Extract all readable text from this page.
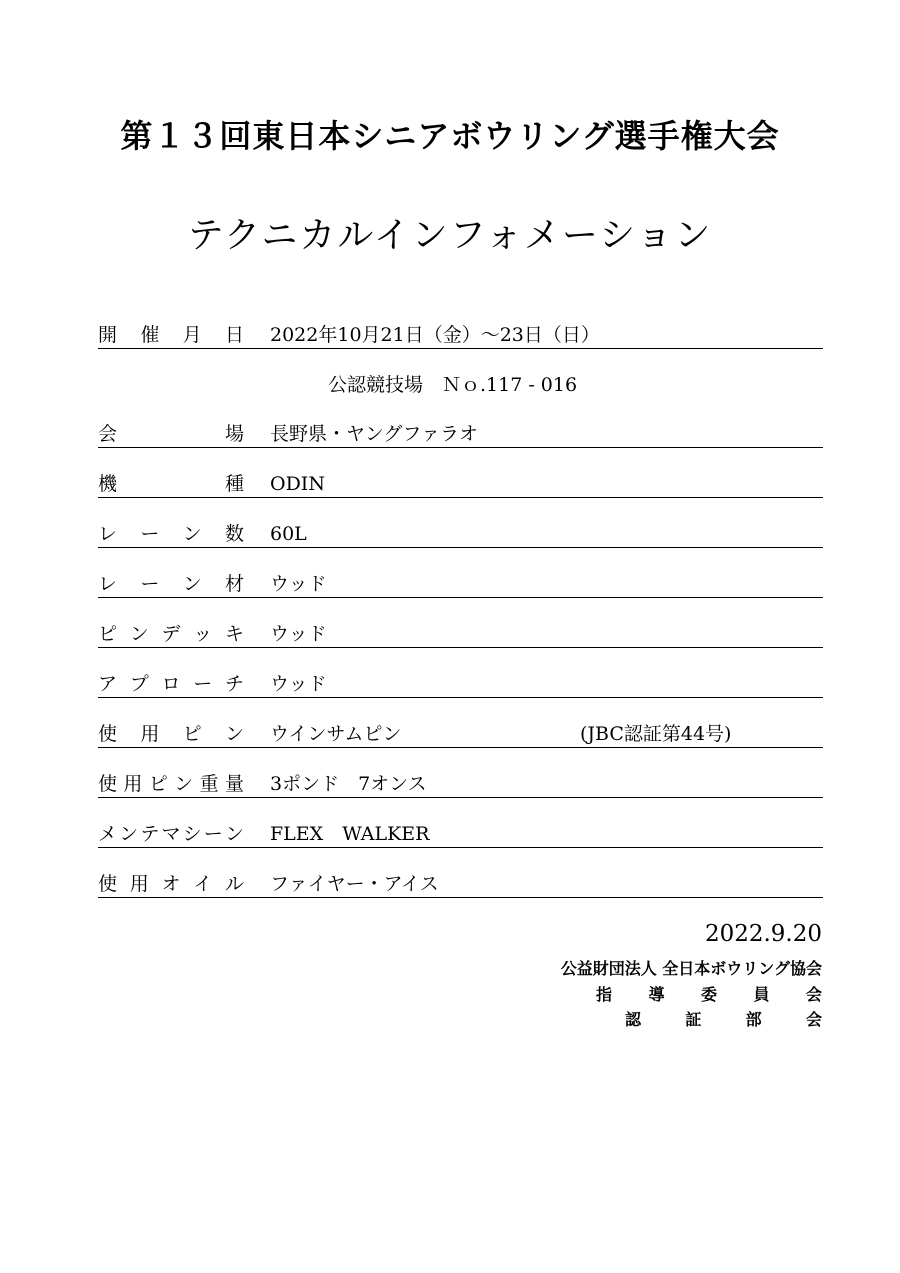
第１３回東日本シニアボウリング選手権大会
テクニカルインフォメーション
開 催 月 日 2022年10月21日（金）～23日（日）
会	場 長野県・ヤングファラオ
機	種 ODIN
レ ー ン 数 60L
レ ー ン 材 ウッド
ピ ン デ ッ キ ウッド
ア プ ロ ー チ ウッド
使 用 ピ ン ウインサムピン	(JBC認証第44号)
使 用 ピ ン 重 量 3ポンド　7オンス
メ ン テ マ シ ー ン FLEX　WALKER
使 用 オ イ ル ファイヤー・アイス
公認競技場　Ｎｏ.117 - 016
2022.9.20
公益財団法人 全日本ボウリング協会
指 導 委 員 会
認	証	部	会
